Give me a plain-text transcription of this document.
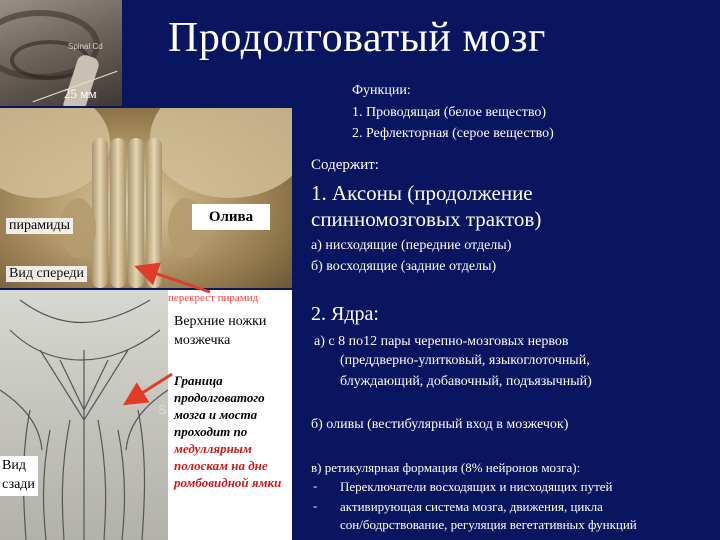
Spinal Cd
25 мм
Продолговатый мозг
Олива
пирамиды
Вид спереди
Вид сзади
S
перекрест пирамид
Верхние ножки мозжечка
Граница продолговатого мозга и моста проходит по медуллярным полоскам на дне ромбовидной ямки
Функции:
1. Проводящая (белое вещество)
2. Рефлекторная (серое вещество)
Содержит:
1. Аксоны (продолжение спинномозговых трактов)
а) нисходящие (передние отделы)
б) восходящие (задние отделы)
2. Ядра:
а) с 8 по12 пары черепно-мозговых нервов
(преддверно-улитковый, языкоглоточный,
блуждающий, добавочный, подъязычный)
б) оливы (вестибулярный вход в мозжечок)
в) ретикулярная формация (8% нейронов мозга):
- Переключатели восходящих и нисходящих путей
- активирующая система мозга, движения, цикла
сон/бодрствование, регуляция вегетативных функций
